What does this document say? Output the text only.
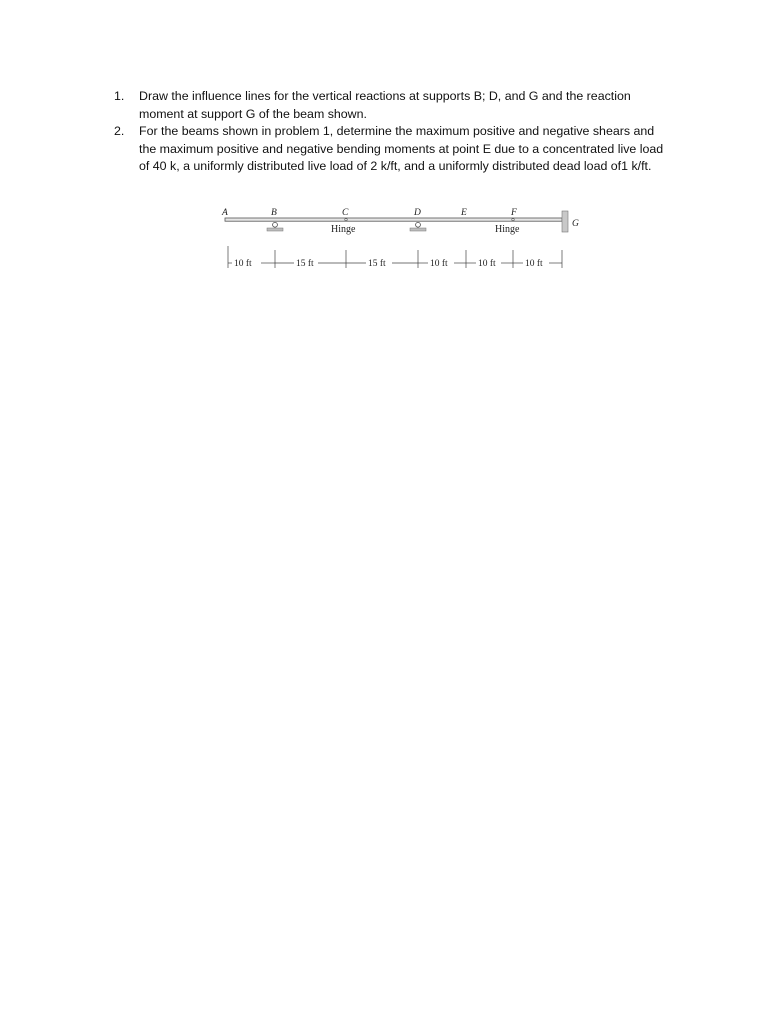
1. Draw the influence lines for the vertical reactions at supports B; D, and G and the reaction moment at support G of the beam shown.
2. For the beams shown in problem 1, determine the maximum positive and negative shears and the maximum positive and negative bending moments at point E due to a concentrated live load of 40 k, a uniformly distributed live load of 2 k/ft, and a uniformly distributed dead load of1 k/ft.
A	B	C	D	E	F
G
Hinge	Hinge
10 ft	15 ft	15 ft	10 ft	10 ft	10 ft
